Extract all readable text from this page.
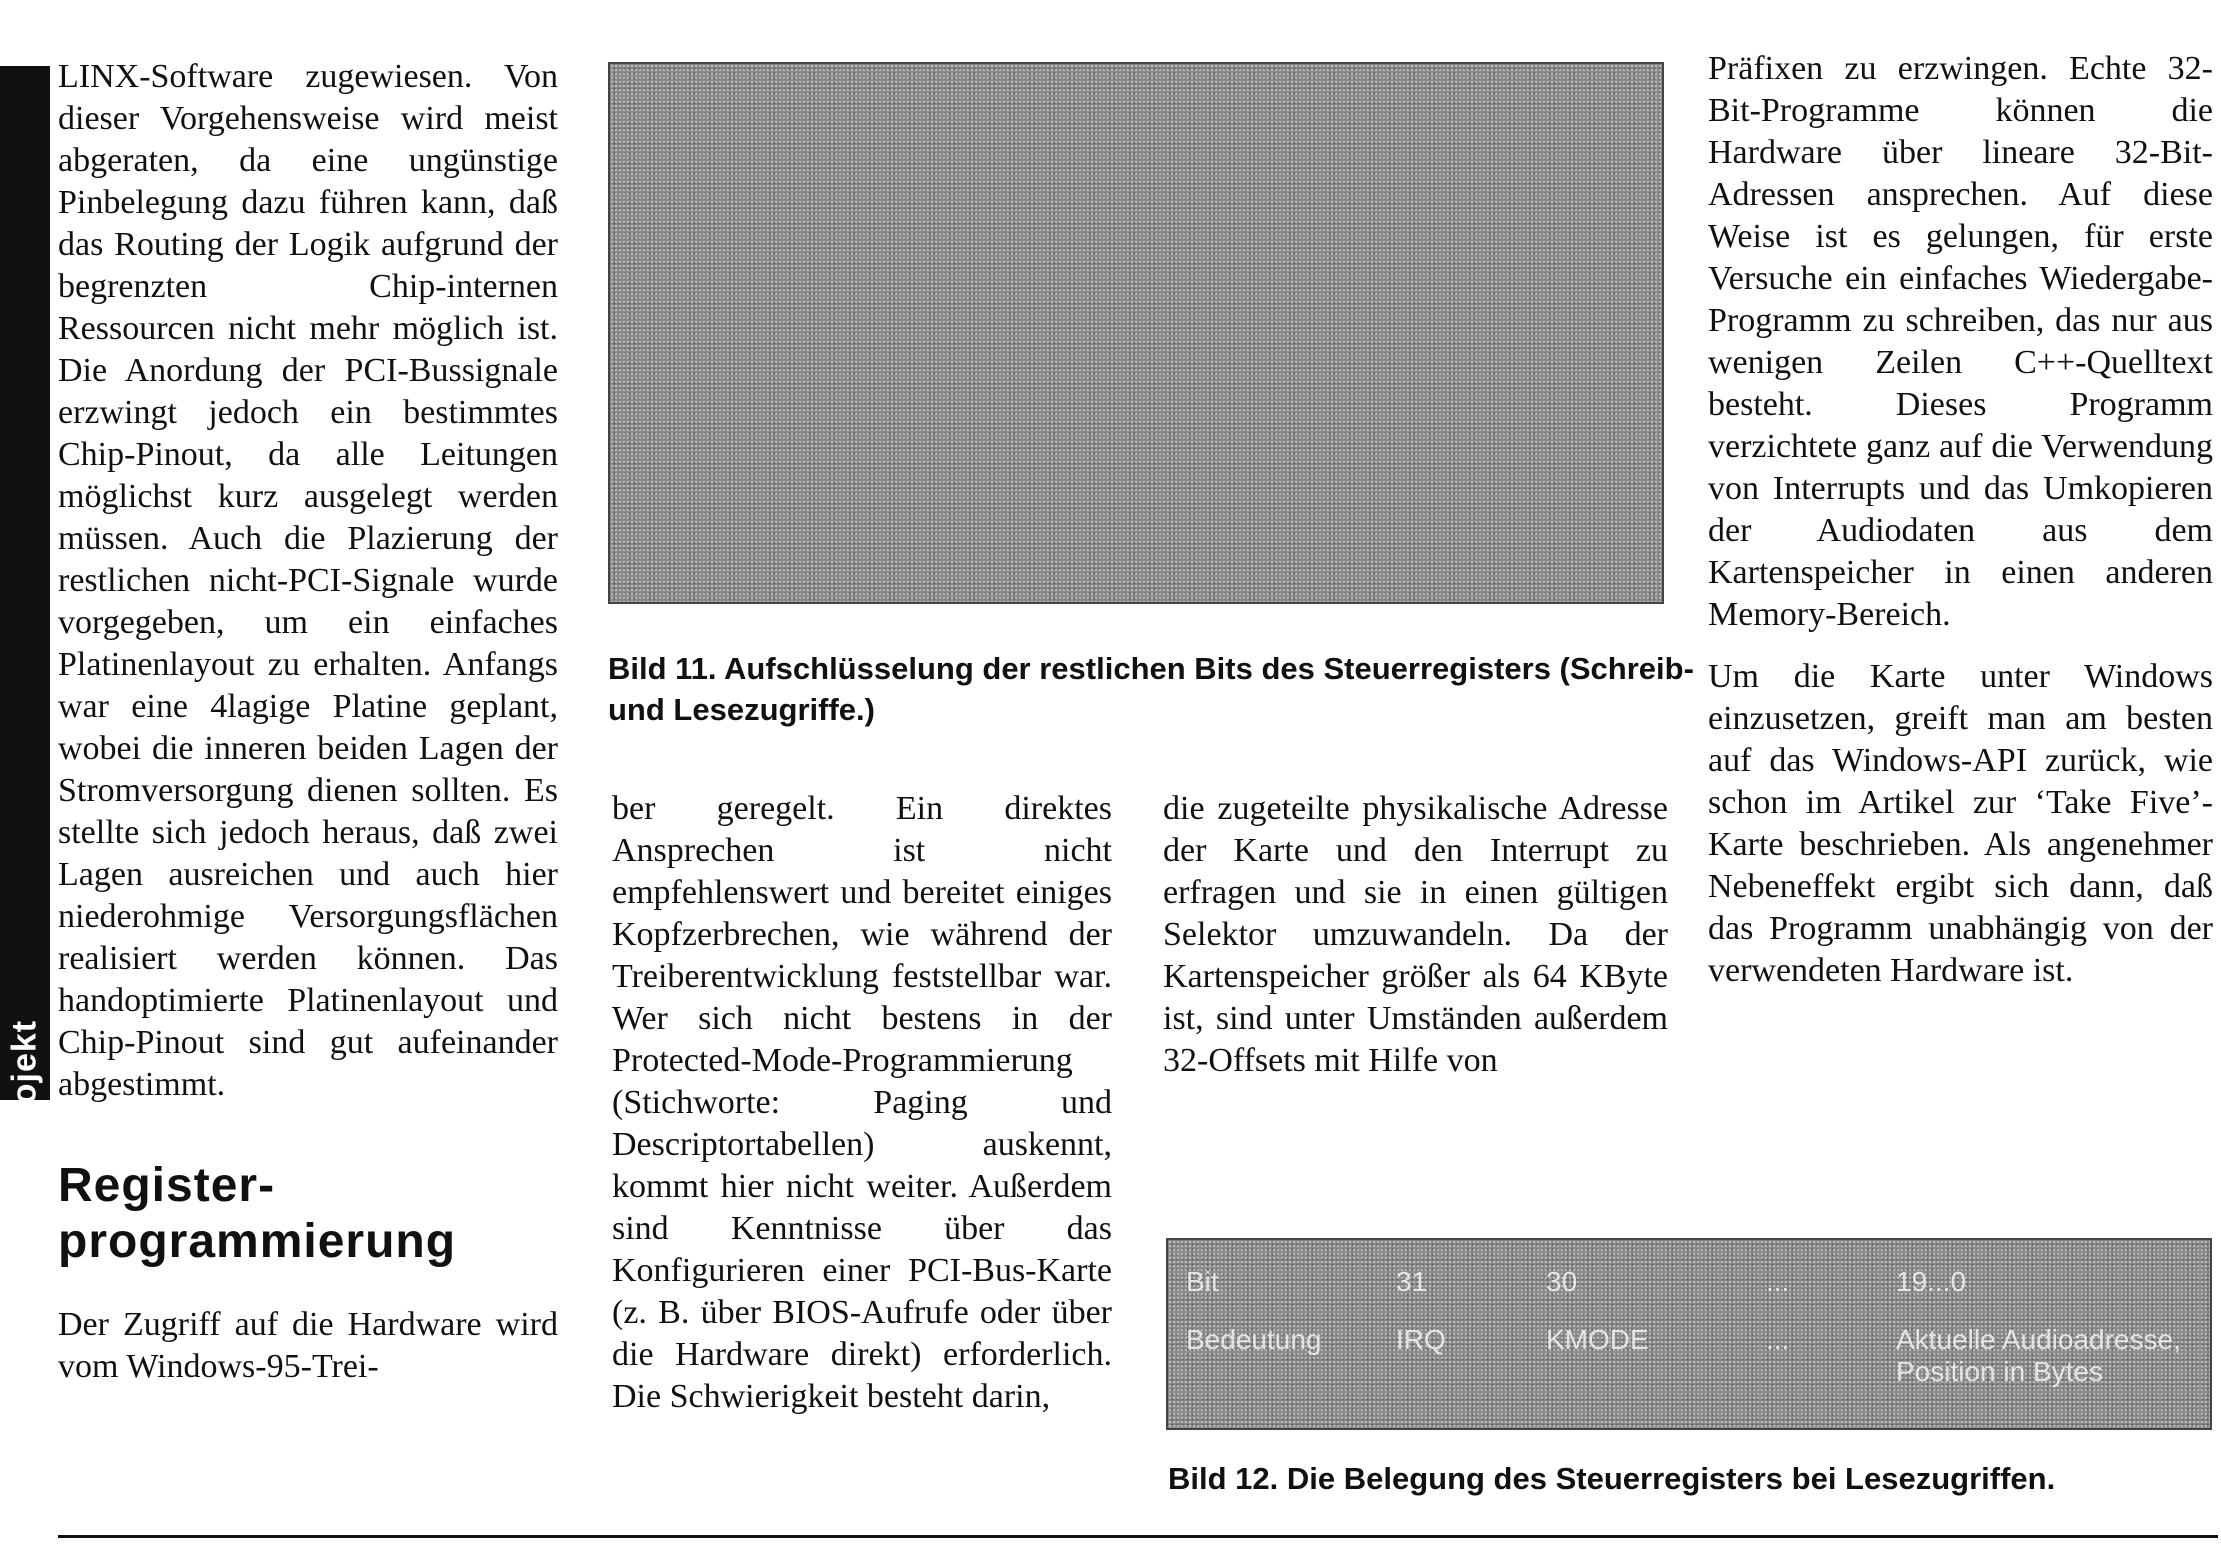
Projekt

LINX-Software zugewiesen. Von dieser Vorgehensweise wird meist abgeraten, da eine ungünstige Pinbelegung dazu führen kann, daß das Routing der Logik aufgrund der begrenzten Chip-internen Ressourcen nicht mehr möglich ist. Die Anordung der PCI-Bussignale erzwingt jedoch ein bestimmtes Chip-Pinout, da alle Leitungen möglichst kurz ausgelegt werden müssen. Auch die Plazierung der restlichen nicht-PCI-Signale wurde vorgegeben, um ein einfaches Platinenlayout zu erhalten. Anfangs war eine 4lagige Platine geplant, wobei die inneren beiden Lagen der Stromversorgung dienen sollten. Es stellte sich jedoch heraus, daß zwei Lagen ausreichen und auch hier niederohmige Versorgungsflächen realisiert werden können. Das handoptimierte Platinenlayout und Chip-Pinout sind gut aufeinander abgestimmt.

Register-programmierung

Der Zugriff auf die Hardware wird vom Windows-95-Trei-

Bild 11. Aufschlüsselung der restlichen Bits des Steuerregisters (Schreib- und Lesezugriffe.)

ber geregelt. Ein direktes Ansprechen ist nicht empfehlenswert und bereitet einiges Kopfzerbrechen, wie während der Treiberentwicklung feststellbar war. Wer sich nicht bestens in der Protected-Mode-Programmierung (Stichworte: Paging und Descriptortabellen) auskennt, kommt hier nicht weiter. Außerdem sind Kenntnisse über das Konfigurieren einer PCI-Bus-Karte (z. B. über BIOS-Aufrufe oder über die Hardware direkt) erforderlich. Die Schwierigkeit besteht darin,

die zugeteilte physikalische Adresse der Karte und den Interrupt zu erfragen und sie in einen gültigen Selektor umzuwandeln. Da der Kartenspeicher größer als 64 KByte ist, sind unter Umständen außerdem 32-Offsets mit Hilfe von

Präfixen zu erzwingen. Echte 32-Bit-Programme können die Hardware über lineare 32-Bit-Adressen ansprechen. Auf diese Weise ist es gelungen, für erste Versuche ein einfaches Wiedergabe-Programm zu schreiben, das nur aus wenigen Zeilen C++-Quelltext besteht. Dieses Programm verzichtete ganz auf die Verwendung von Interrupts und das Umkopieren der Audiodaten aus dem Kartenspeicher in einen anderen Memory-Bereich.

Um die Karte unter Windows einzusetzen, greift man am besten auf das Windows-API zurück, wie schon im Artikel zur ‘Take Five’-Karte beschrieben. Als angenehmer Nebeneffekt ergibt sich dann, daß das Programm unabhängig von der verwendeten Hardware ist.

Bit	31	30	...	19...0
Bedeutung	IRQ	KMODE	...	Aktuelle Audioadresse, Position in Bytes
Bild 12. Die Belegung des Steuerregisters bei Lesezugriffen.
